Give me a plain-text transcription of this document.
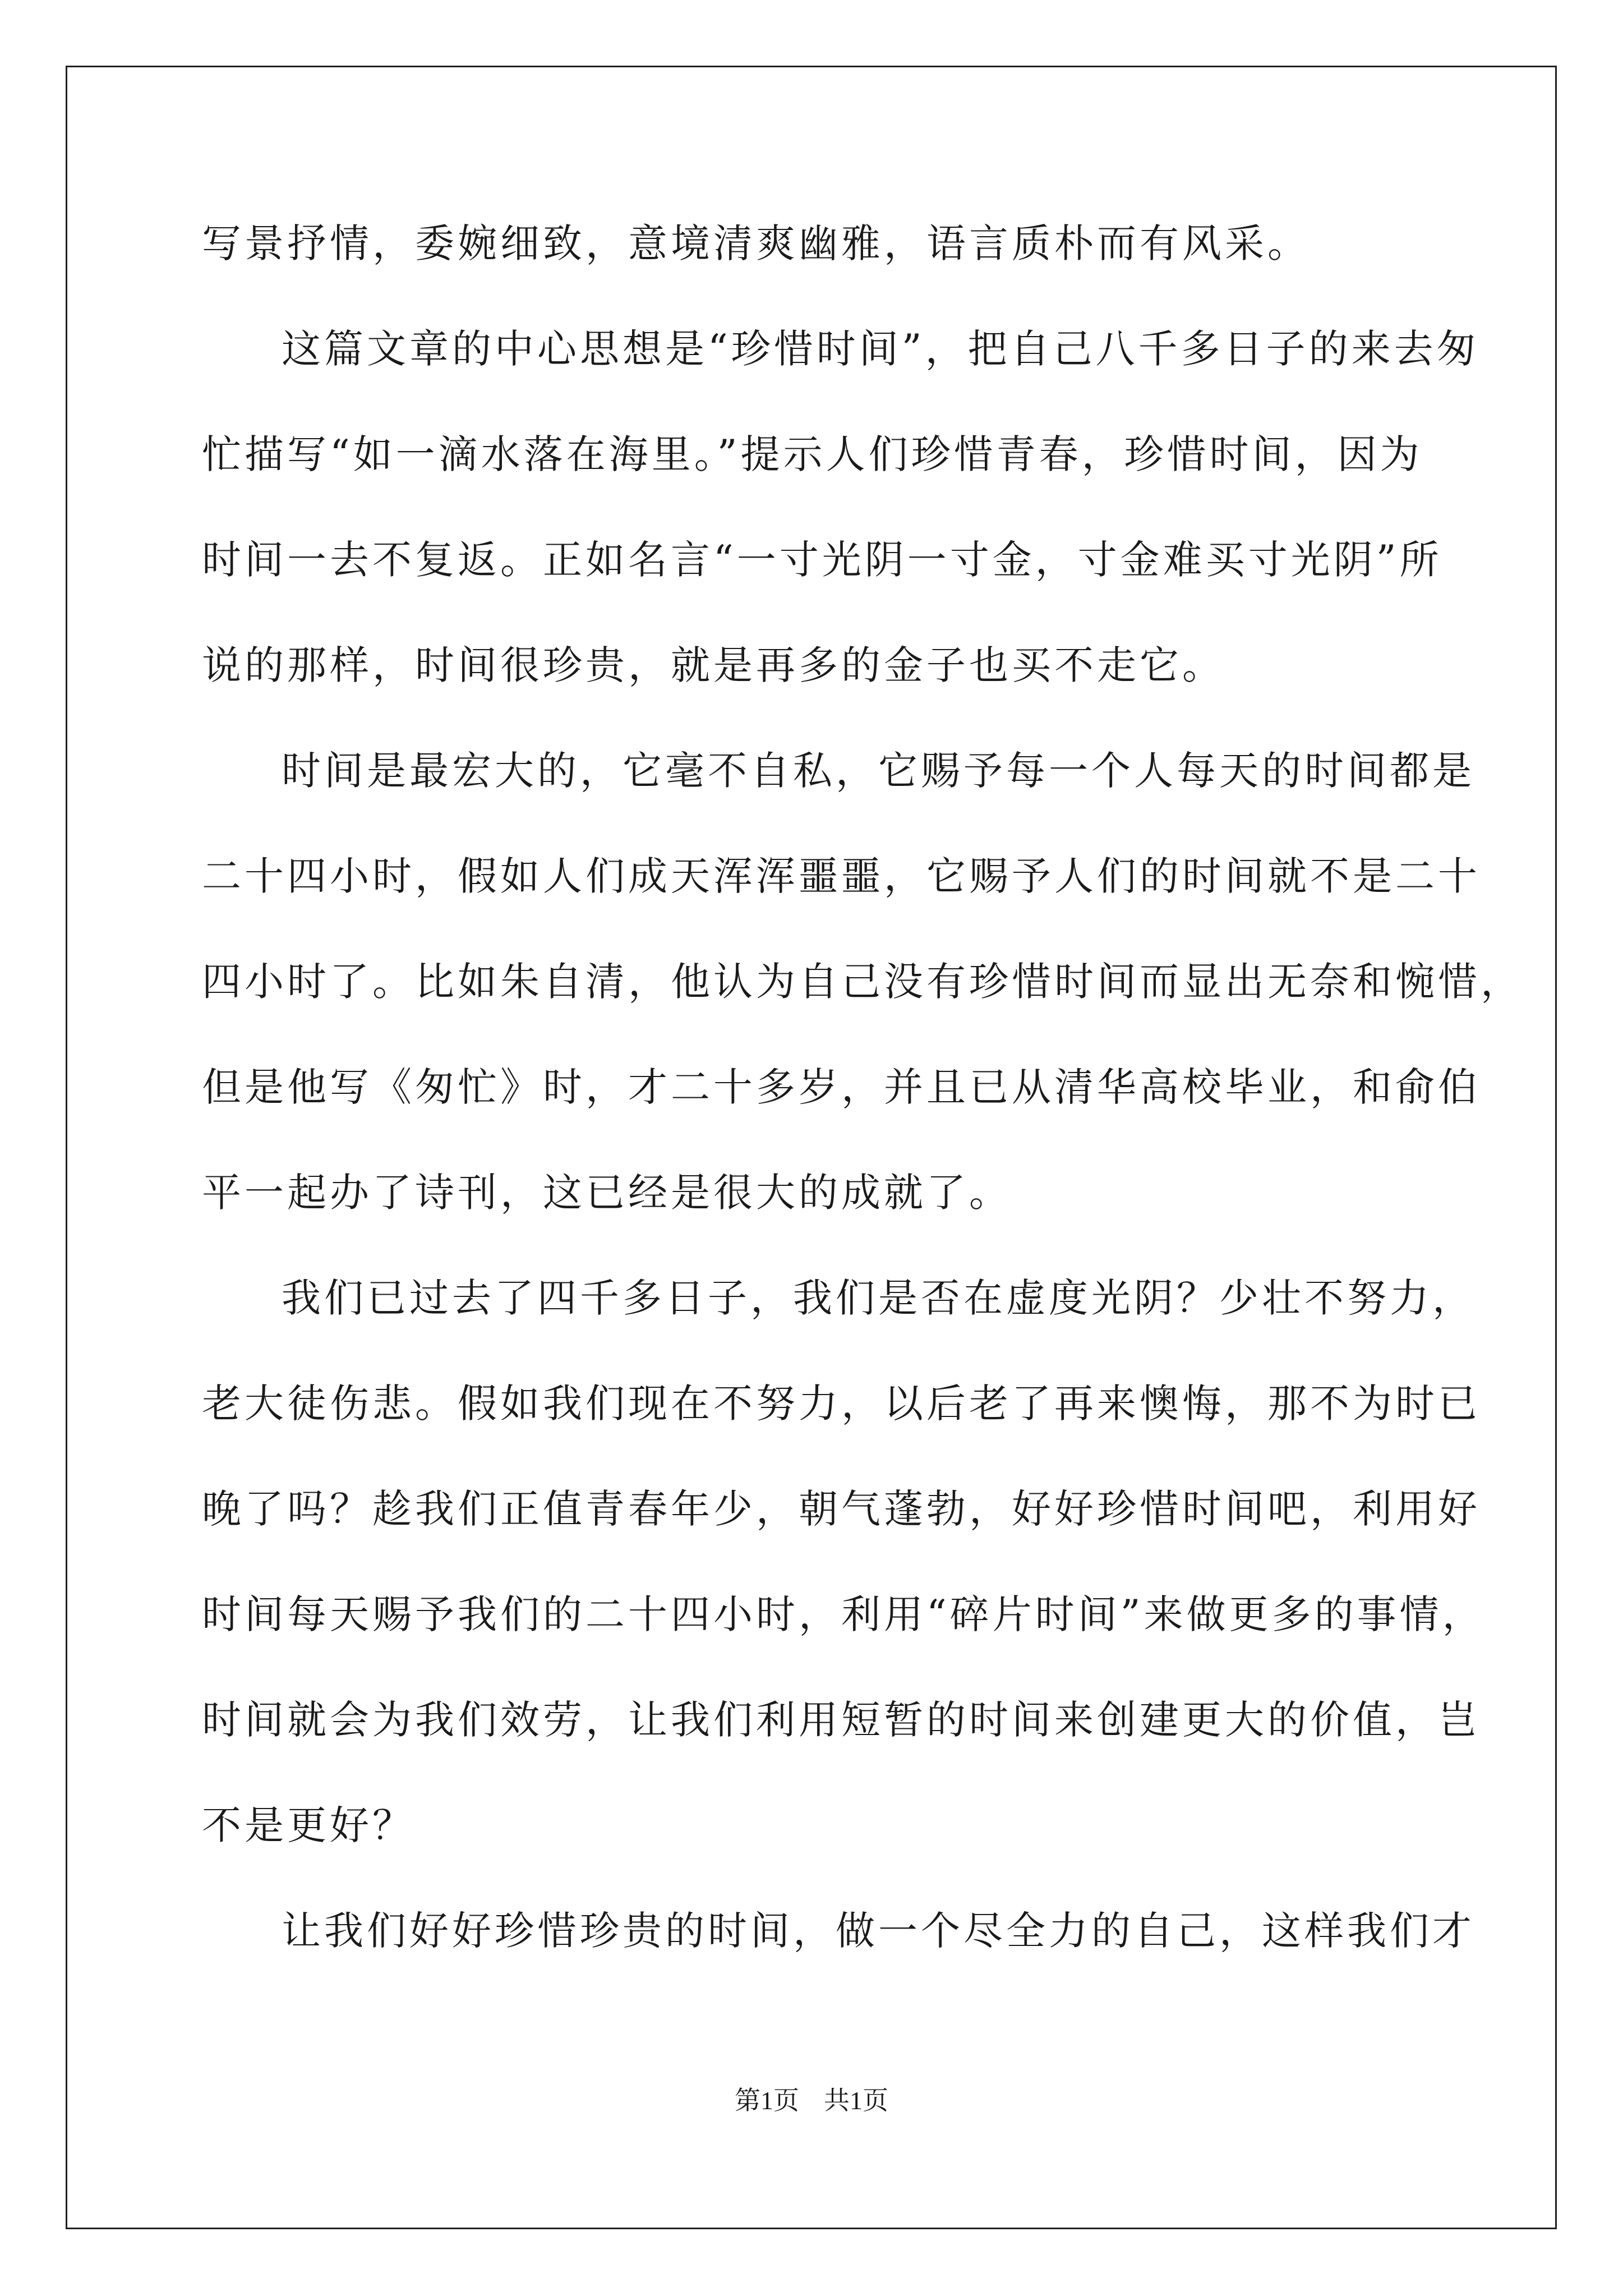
写景抒情，委婉细致，意境清爽幽雅，语言质朴而有风采。
这篇文章的中心思想是“珍惜时间”，把自己八千多日子的来去匆
忙描写“如一滴水落在海里。”提示人们珍惜青春，珍惜时间，因为
时间一去不复返。正如名言“一寸光阴一寸金，寸金难买寸光阴”所
说的那样，时间很珍贵，就是再多的金子也买不走它。
时间是最宏大的，它毫不自私，它赐予每一个人每天的时间都是
二十四小时，假如人们成天浑浑噩噩，它赐予人们的时间就不是二十
四小时了。比如朱自清，他认为自己没有珍惜时间而显出无奈和惋惜，
但是他写《匆忙》时，才二十多岁，并且已从清华高校毕业，和俞伯
平一起办了诗刊，这已经是很大的成就了。
我们已过去了四千多日子，我们是否在虚度光阴？少壮不努力，
老大徒伤悲。假如我们现在不努力，以后老了再来懊悔，那不为时已
晚了吗？趁我们正值青春年少，朝气蓬勃，好好珍惜时间吧，利用好
时间每天赐予我们的二十四小时，利用“碎片时间”来做更多的事情，
时间就会为我们效劳，让我们利用短暂的时间来创建更大的价值，岂
不是更好？
让我们好好珍惜珍贵的时间，做一个尽全力的自己，这样我们才
第1页 共1页
